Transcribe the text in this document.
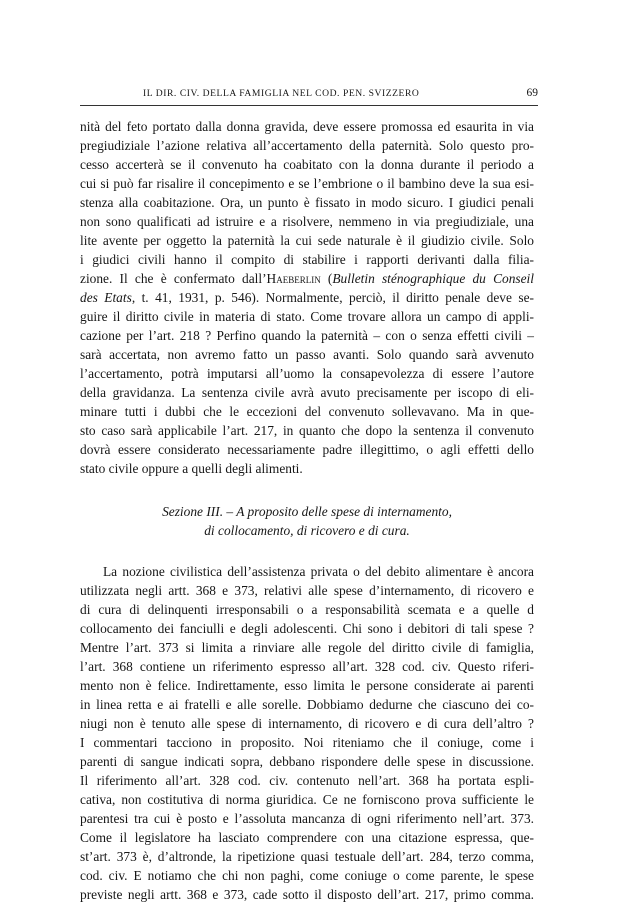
IL DIR. CIV. DELLA FAMIGLIA NEL COD. PEN. SVIZZERO	69
nità del feto portato dalla donna gravida, deve essere promossa ed esaurita in via
pregiudiziale l’azione relativa all’accertamento della paternità. Solo questo pro-
cesso accerterà se il convenuto ha coabitato con la donna durante il periodo a
cui si può far risalire il concepimento e se l’embrione o il bambino deve la sua esi-
stenza alla coabitazione. Ora, un punto è fissato in modo sicuro. I giudici penali
non sono qualificati ad istruire e a risolvere, nemmeno in via pregiudiziale, una
lite avente per oggetto la paternità la cui sede naturale è il giudizio civile. Solo
i giudici civili hanno il compito di stabilire i rapporti derivanti dalla filia-
zione. Il che è confermato dall’Haeberlin (Bulletin sténographique du Conseil
des Etats, t. 41, 1931, p. 546). Normalmente, perciò, il diritto penale deve se-
guire il diritto civile in materia di stato. Come trovare allora un campo di appli-
cazione per l’art. 218 ? Perfino quando la paternità – con o senza effetti civili –
sarà accertata, non avremo fatto un passo avanti. Solo quando sarà avvenuto
l’accertamento, potrà imputarsi all’uomo la consapevolezza di essere l’autore
della gravidanza. La sentenza civile avrà avuto precisamente per iscopo di eli-
minare tutti i dubbi che le eccezioni del convenuto sollevavano. Ma in que-
sto caso sarà applicabile l’art. 217, in quanto che dopo la sentenza il convenuto
dovrà essere considerato necessariamente padre illegittimo, o agli effetti dello
stato civile oppure a quelli degli alimenti.
Sezione III. – A proposito delle spese di internamento,
di collocamento, di ricovero e di cura.
La nozione civilistica dell’assistenza privata o del debito alimentare è ancora
utilizzata negli artt. 368 e 373, relativi alle spese d’internamento, di ricovero e
di cura di delinquenti irresponsabili o a responsabilità scemata e a quelle d
collocamento dei fanciulli e degli adolescenti. Chi sono i debitori di tali spese ?
Mentre l’art. 373 si limita a rinviare alle regole del diritto civile di famiglia,
l’art. 368 contiene un riferimento espresso all’art. 328 cod. civ. Questo riferi-
mento non è felice. Indirettamente, esso limita le persone considerate ai parenti
in linea retta e ai fratelli e alle sorelle. Dobbiamo dedurne che ciascuno dei co-
niugi non è tenuto alle spese di internamento, di ricovero e di cura dell’altro ?
I commentari tacciono in proposito. Noi riteniamo che il coniuge, come i
parenti di sangue indicati sopra, debbano rispondere delle spese in discussione.
Il riferimento all’art. 328 cod. civ. contenuto nell’art. 368 ha portata espli-
cativa, non costitutiva di norma giuridica. Ce ne forniscono prova sufficiente le
parentesi tra cui è posto e l’assoluta mancanza di ogni riferimento nell’art. 373.
Come il legislatore ha lasciato comprendere con una citazione espressa, que-
st’art. 373 è, d’altronde, la ripetizione quasi testuale dell’art. 284, terzo comma,
cod. civ. E notiamo che chi non paghi, come coniuge o come parente, le spese
previste negli artt. 368 e 373, cade sotto il disposto dell’art. 217, primo comma.
